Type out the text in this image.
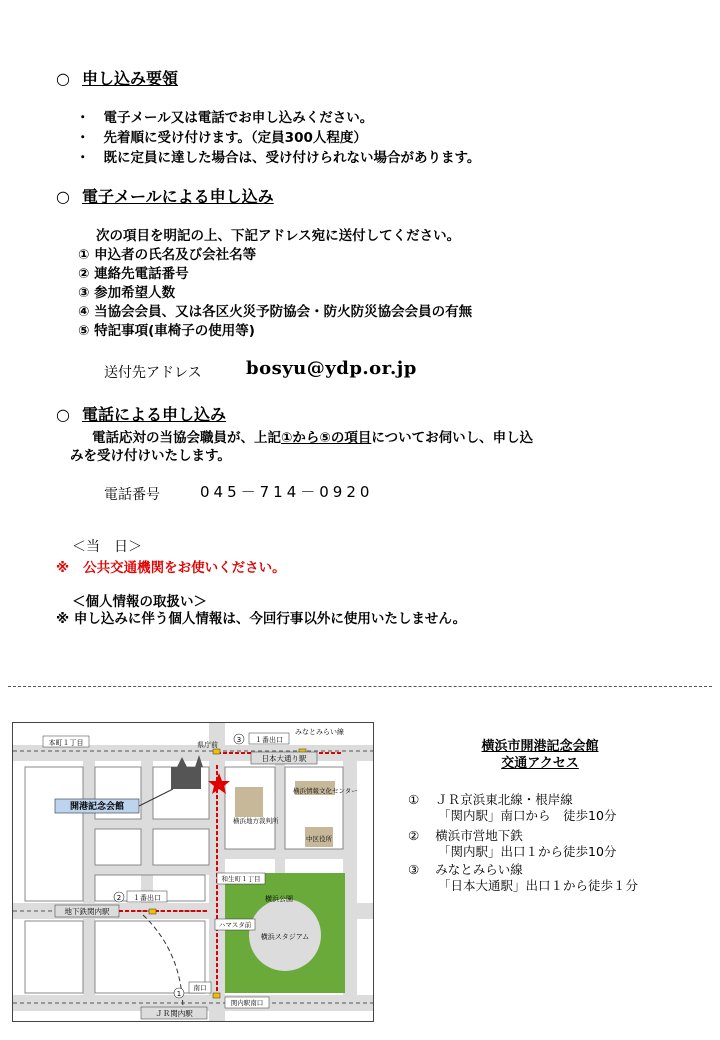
○ 申し込み要領
・ 電子メール又は電話でお申し込みください。
・ 先着順に受け付けます。（定員300人程度）
・ 既に定員に達した場合は、受け付けられない場合があります。
○ 電子メールによる申し込み
次の項目を明記の上、下記アドレス宛に送付してください。
① 申込者の氏名及び会社名等
② 連絡先電話番号
③ 参加希望人数
④ 当協会会員、又は各区火災予防協会・防火防災協会会員の有無
⑤ 特記事項(車椅子の使用等)
送付先アドレス bosyu@ydp.or.jp
○ 電話による申し込み
電話応対の当協会職員が、上記①から⑤の項目についてお伺いし、申し込
みを受け付けいたします。
電話番号	045－714－0920
＜当　日＞
※ 公共交通機関をお使いください。
＜個人情報の取扱い＞
※ 申し込みに伴う個人情報は、今回行事以外に使用いたしません。
本町１丁目	県庁前
3 １番出口
日本大通り駅
みなとみらい線
開港記念会館
横浜情報文化センター
中区役所
横浜地方裁判所
和生町１丁目
横浜公園
横浜スタジアム
ハマスタ前
2 １番出口
地下鉄関内駅
1
南口
関内駅南口
ＪＲ関内駅
横浜市開港記念会館
交通アクセス
① ＪＲ京浜東北線・根岸線
「関内駅」南口から　徒歩10分
② 横浜市営地下鉄
「関内駅」出口１から徒歩10分
③ みなとみらい線
「日本大通駅」出口１から徒歩１分
